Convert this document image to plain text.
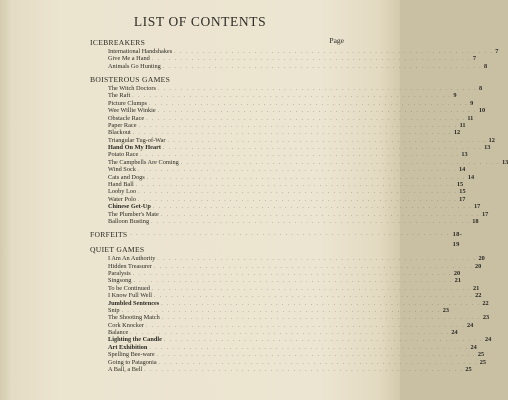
LIST OF CONTENTS
Page
ICEBREAKERS
International Handshakes . . . . . . . . . . . . . . . . . . . . . . . . . . . . . . . . . . . . . . . . . . . . . . . . . . . . . . . . 7
Give Me a Hand . . . . . . . . . . . . . . . . . . . . . . . . . . . . . . . . . . . . . . . . . . . . . . . . . . . . . . . . 7
Animals Go Hunting . . . . . . . . . . . . . . . . . . . . . . . . . . . . . . . . . . . . . . . . . . . . . . . . . . . . . . . . 8
BOISTEROUS GAMES
The Witch Doctors . . . . . . . . . . . . . . . . . . . . . . . . . . . . . . . . . . . . . . . . . . . . . . . . . . . . . . . . 8
The Raft . . . . . . . . . . . . . . . . . . . . . . . . . . . . . . . . . . . . . . . . . . . . . . . . . . . . . . . . 9
Picture Clumps . . . . . . . . . . . . . . . . . . . . . . . . . . . . . . . . . . . . . . . . . . . . . . . . . . . . . . . . 9
Wee Willie Winkie . . . . . . . . . . . . . . . . . . . . . . . . . . . . . . . . . . . . . . . . . . . . . . . . . . . . . . . . 10
Obstacle Race . . . . . . . . . . . . . . . . . . . . . . . . . . . . . . . . . . . . . . . . . . . . . . . . . . . . . . . . 11
Paper Race . . . . . . . . . . . . . . . . . . . . . . . . . . . . . . . . . . . . . . . . . . . . . . . . . . . . . . . . 11
Blackout . . . . . . . . . . . . . . . . . . . . . . . . . . . . . . . . . . . . . . . . . . . . . . . . . . . . . . . . 12
Triangular Tug-of-War . . . . . . . . . . . . . . . . . . . . . . . . . . . . . . . . . . . . . . . . . . . . . . . . . . . . . . . . 12
Hand On My Heart . . . . . . . . . . . . . . . . . . . . . . . . . . . . . . . . . . . . . . . . . . . . . . . . . . . . . . . . 13
Potato Race . . . . . . . . . . . . . . . . . . . . . . . . . . . . . . . . . . . . . . . . . . . . . . . . . . . . . . . . 13
The Campbells Are Coming . . . . . . . . . . . . . . . . . . . . . . . . . . . . . . . . . . . . . . . . . . . . . . . . . . . . . . . . 13
Wind Sock . . . . . . . . . . . . . . . . . . . . . . . . . . . . . . . . . . . . . . . . . . . . . . . . . . . . . . . . 14
Cats and Dogs . . . . . . . . . . . . . . . . . . . . . . . . . . . . . . . . . . . . . . . . . . . . . . . . . . . . . . . . 14
Hand Ball . . . . . . . . . . . . . . . . . . . . . . . . . . . . . . . . . . . . . . . . . . . . . . . . . . . . . . . . 15
Looby Loo . . . . . . . . . . . . . . . . . . . . . . . . . . . . . . . . . . . . . . . . . . . . . . . . . . . . . . . . 15
Water Polo . . . . . . . . . . . . . . . . . . . . . . . . . . . . . . . . . . . . . . . . . . . . . . . . . . . . . . . . 17
Chinese Get-Up . . . . . . . . . . . . . . . . . . . . . . . . . . . . . . . . . . . . . . . . . . . . . . . . . . . . . . . . 17
The Plumber's Mate . . . . . . . . . . . . . . . . . . . . . . . . . . . . . . . . . . . . . . . . . . . . . . . . . . . . . . . . 17
Balloon Busting . . . . . . . . . . . . . . . . . . . . . . . . . . . . . . . . . . . . . . . . . . . . . . . . . . . . . . . . 18
FORFEITS . . . . . . . . . . . . . . . . . . . . . . . . . . . . . . . . . . . . . . . . . . . . . . . . . . . . . . . . 18-19
QUIET GAMES
I Am An Authority . . . . . . . . . . . . . . . . . . . . . . . . . . . . . . . . . . . . . . . . . . . . . . . . . . . . . . . . 20
Hidden Treasurer . . . . . . . . . . . . . . . . . . . . . . . . . . . . . . . . . . . . . . . . . . . . . . . . . . . . . . . . 20
Paralysis . . . . . . . . . . . . . . . . . . . . . . . . . . . . . . . . . . . . . . . . . . . . . . . . . . . . . . . . 20
Singsong . . . . . . . . . . . . . . . . . . . . . . . . . . . . . . . . . . . . . . . . . . . . . . . . . . . . . . . . 21
To be Continued . . . . . . . . . . . . . . . . . . . . . . . . . . . . . . . . . . . . . . . . . . . . . . . . . . . . . . . . 21
I Know Full Well . . . . . . . . . . . . . . . . . . . . . . . . . . . . . . . . . . . . . . . . . . . . . . . . . . . . . . . . 22
Jumbled Sentences . . . . . . . . . . . . . . . . . . . . . . . . . . . . . . . . . . . . . . . . . . . . . . . . . . . . . . . . 22
Snip . . . . . . . . . . . . . . . . . . . . . . . . . . . . . . . . . . . . . . . . . . . . . . . . . . . . . . . . 23
The Shooting Match . . . . . . . . . . . . . . . . . . . . . . . . . . . . . . . . . . . . . . . . . . . . . . . . . . . . . . . . 23
Cork Knocker . . . . . . . . . . . . . . . . . . . . . . . . . . . . . . . . . . . . . . . . . . . . . . . . . . . . . . . . 24
Balance . . . . . . . . . . . . . . . . . . . . . . . . . . . . . . . . . . . . . . . . . . . . . . . . . . . . . . . . 24
Lighting the Candle . . . . . . . . . . . . . . . . . . . . . . . . . . . . . . . . . . . . . . . . . . . . . . . . . . . . . . . . 24
Art Exhibition . . . . . . . . . . . . . . . . . . . . . . . . . . . . . . . . . . . . . . . . . . . . . . . . . . . . . . . . 24
Spelling Bee-ware . . . . . . . . . . . . . . . . . . . . . . . . . . . . . . . . . . . . . . . . . . . . . . . . . . . . . . . . 25
Going to Patagonia . . . . . . . . . . . . . . . . . . . . . . . . . . . . . . . . . . . . . . . . . . . . . . . . . . . . . . . . 25
A Ball, a Bell . . . . . . . . . . . . . . . . . . . . . . . . . . . . . . . . . . . . . . . . . . . . . . . . . . . . . . . . 25
